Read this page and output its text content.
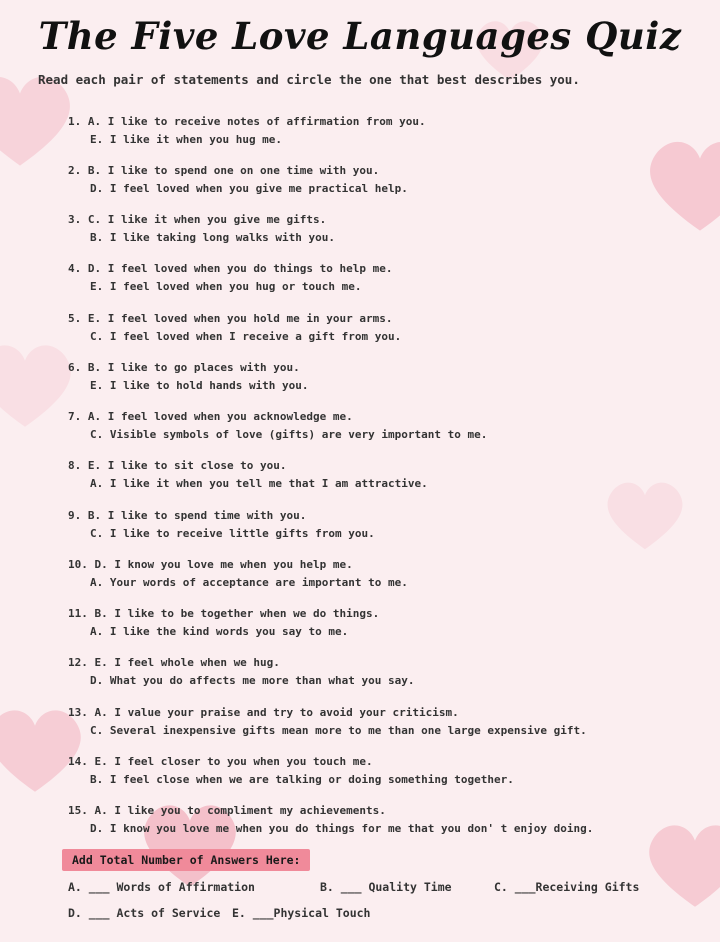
The Five Love Languages Quiz
Read each pair of statements and circle the one that best describes you.
1. A. I like to receive notes of affirmation from you.
E. I like it when you hug me.
2. B. I like to spend one on one time with you.
D. I feel loved when you give me practical help.
3. C. I like it when you give me gifts.
B. I like taking long walks with you.
4. D. I feel loved when you do things to help me.
E. I feel loved when you hug or touch me.
5. E. I feel loved when you hold me in your arms.
C. I feel loved when I receive a gift from you.
6. B. I like to go places with you.
E. I like to hold hands with you.
7. A. I feel loved when you acknowledge me.
C. Visible symbols of love (gifts) are very important to me.
8. E. I like to sit close to you.
A. I like it when you tell me that I am attractive.
9. B. I like to spend time with you.
C. I like to receive little gifts from you.
10. D. I know you love me when you help me.
A. Your words of acceptance are important to me.
11. B. I like to be together when we do things.
A. I like the kind words you say to me.
12. E. I feel whole when we hug.
D. What you do affects me more than what you say.
13. A. I value your praise and try to avoid your criticism.
C. Several inexpensive gifts mean more to me than one large expensive gift.
14. E. I feel closer to you when you touch me.
B. I feel close when we are talking or doing something together.
15. A. I like you to compliment my achievements.
D. I know you love me when you do things for me that you don' t enjoy doing.
Add Total Number of Answers Here:
A. ___ Words of Affirmation	B. ___ Quality Time	C. ___Receiving Gifts
D. ___ Acts of Service E. ___Physical Touch
